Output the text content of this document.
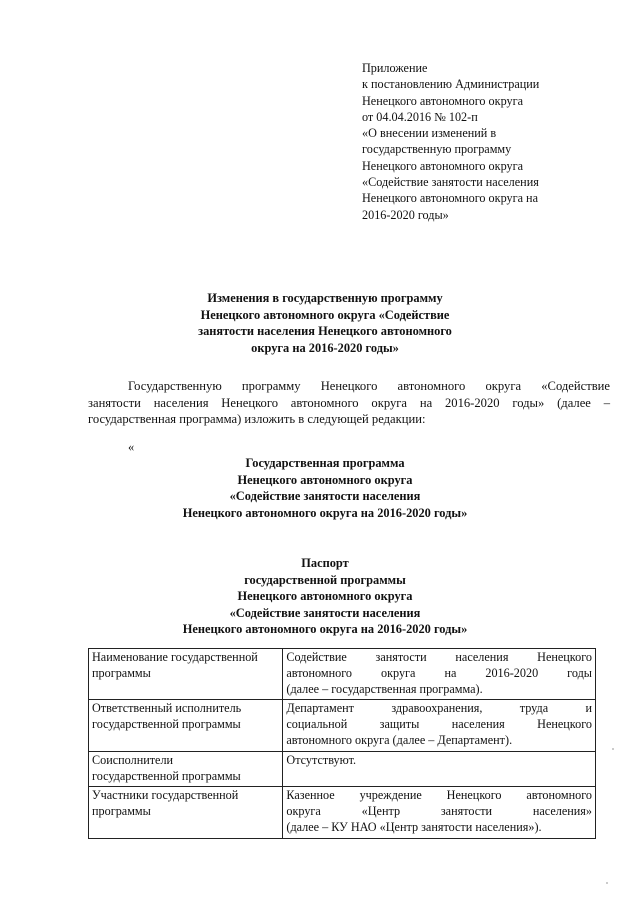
Приложение
к постановлению Администрации
Ненецкого автономного округа
от 04.04.2016 № 102-п
«О внесении изменений в
государственную программу
Ненецкого автономного округа
«Содействие занятости населения
Ненецкого автономного округа на
2016-2020 годы»
Изменения в государственную программу
Ненецкого автономного округа «Содействие
занятости населения Ненецкого автономного
округа на 2016-2020 годы»
Государственную программу Ненецкого автономного округа «Содействие
занятости населения Ненецкого автономного округа на 2016-2020 годы» (далее –
государственная программа) изложить в следующей редакции:
«
Государственная программа
Ненецкого автономного округа
«Содействие занятости населения
Ненецкого автономного округа на 2016-2020 годы»
Паспорт
государственной программы
Ненецкого автономного округа
«Содействие занятости населения
Ненецкого автономного округа на 2016-2020 годы»
Наименование государственной
программы	Содействие занятости населения Ненецкого
автономного округа на 2016-2020 годы
(далее – государственная программа).

Ответственный исполнитель
государственной программы	Департамент здравоохранения, труда и
социальной защиты населения Ненецкого
автономного округа (далее – Департамент).

Соисполнители
государственной программы	Отсутствуют.

Участники государственной
программы	Казенное учреждение Ненецкого автономного
округа «Центр занятости населения»
(далее – КУ НАО «Центр занятости населения»).
